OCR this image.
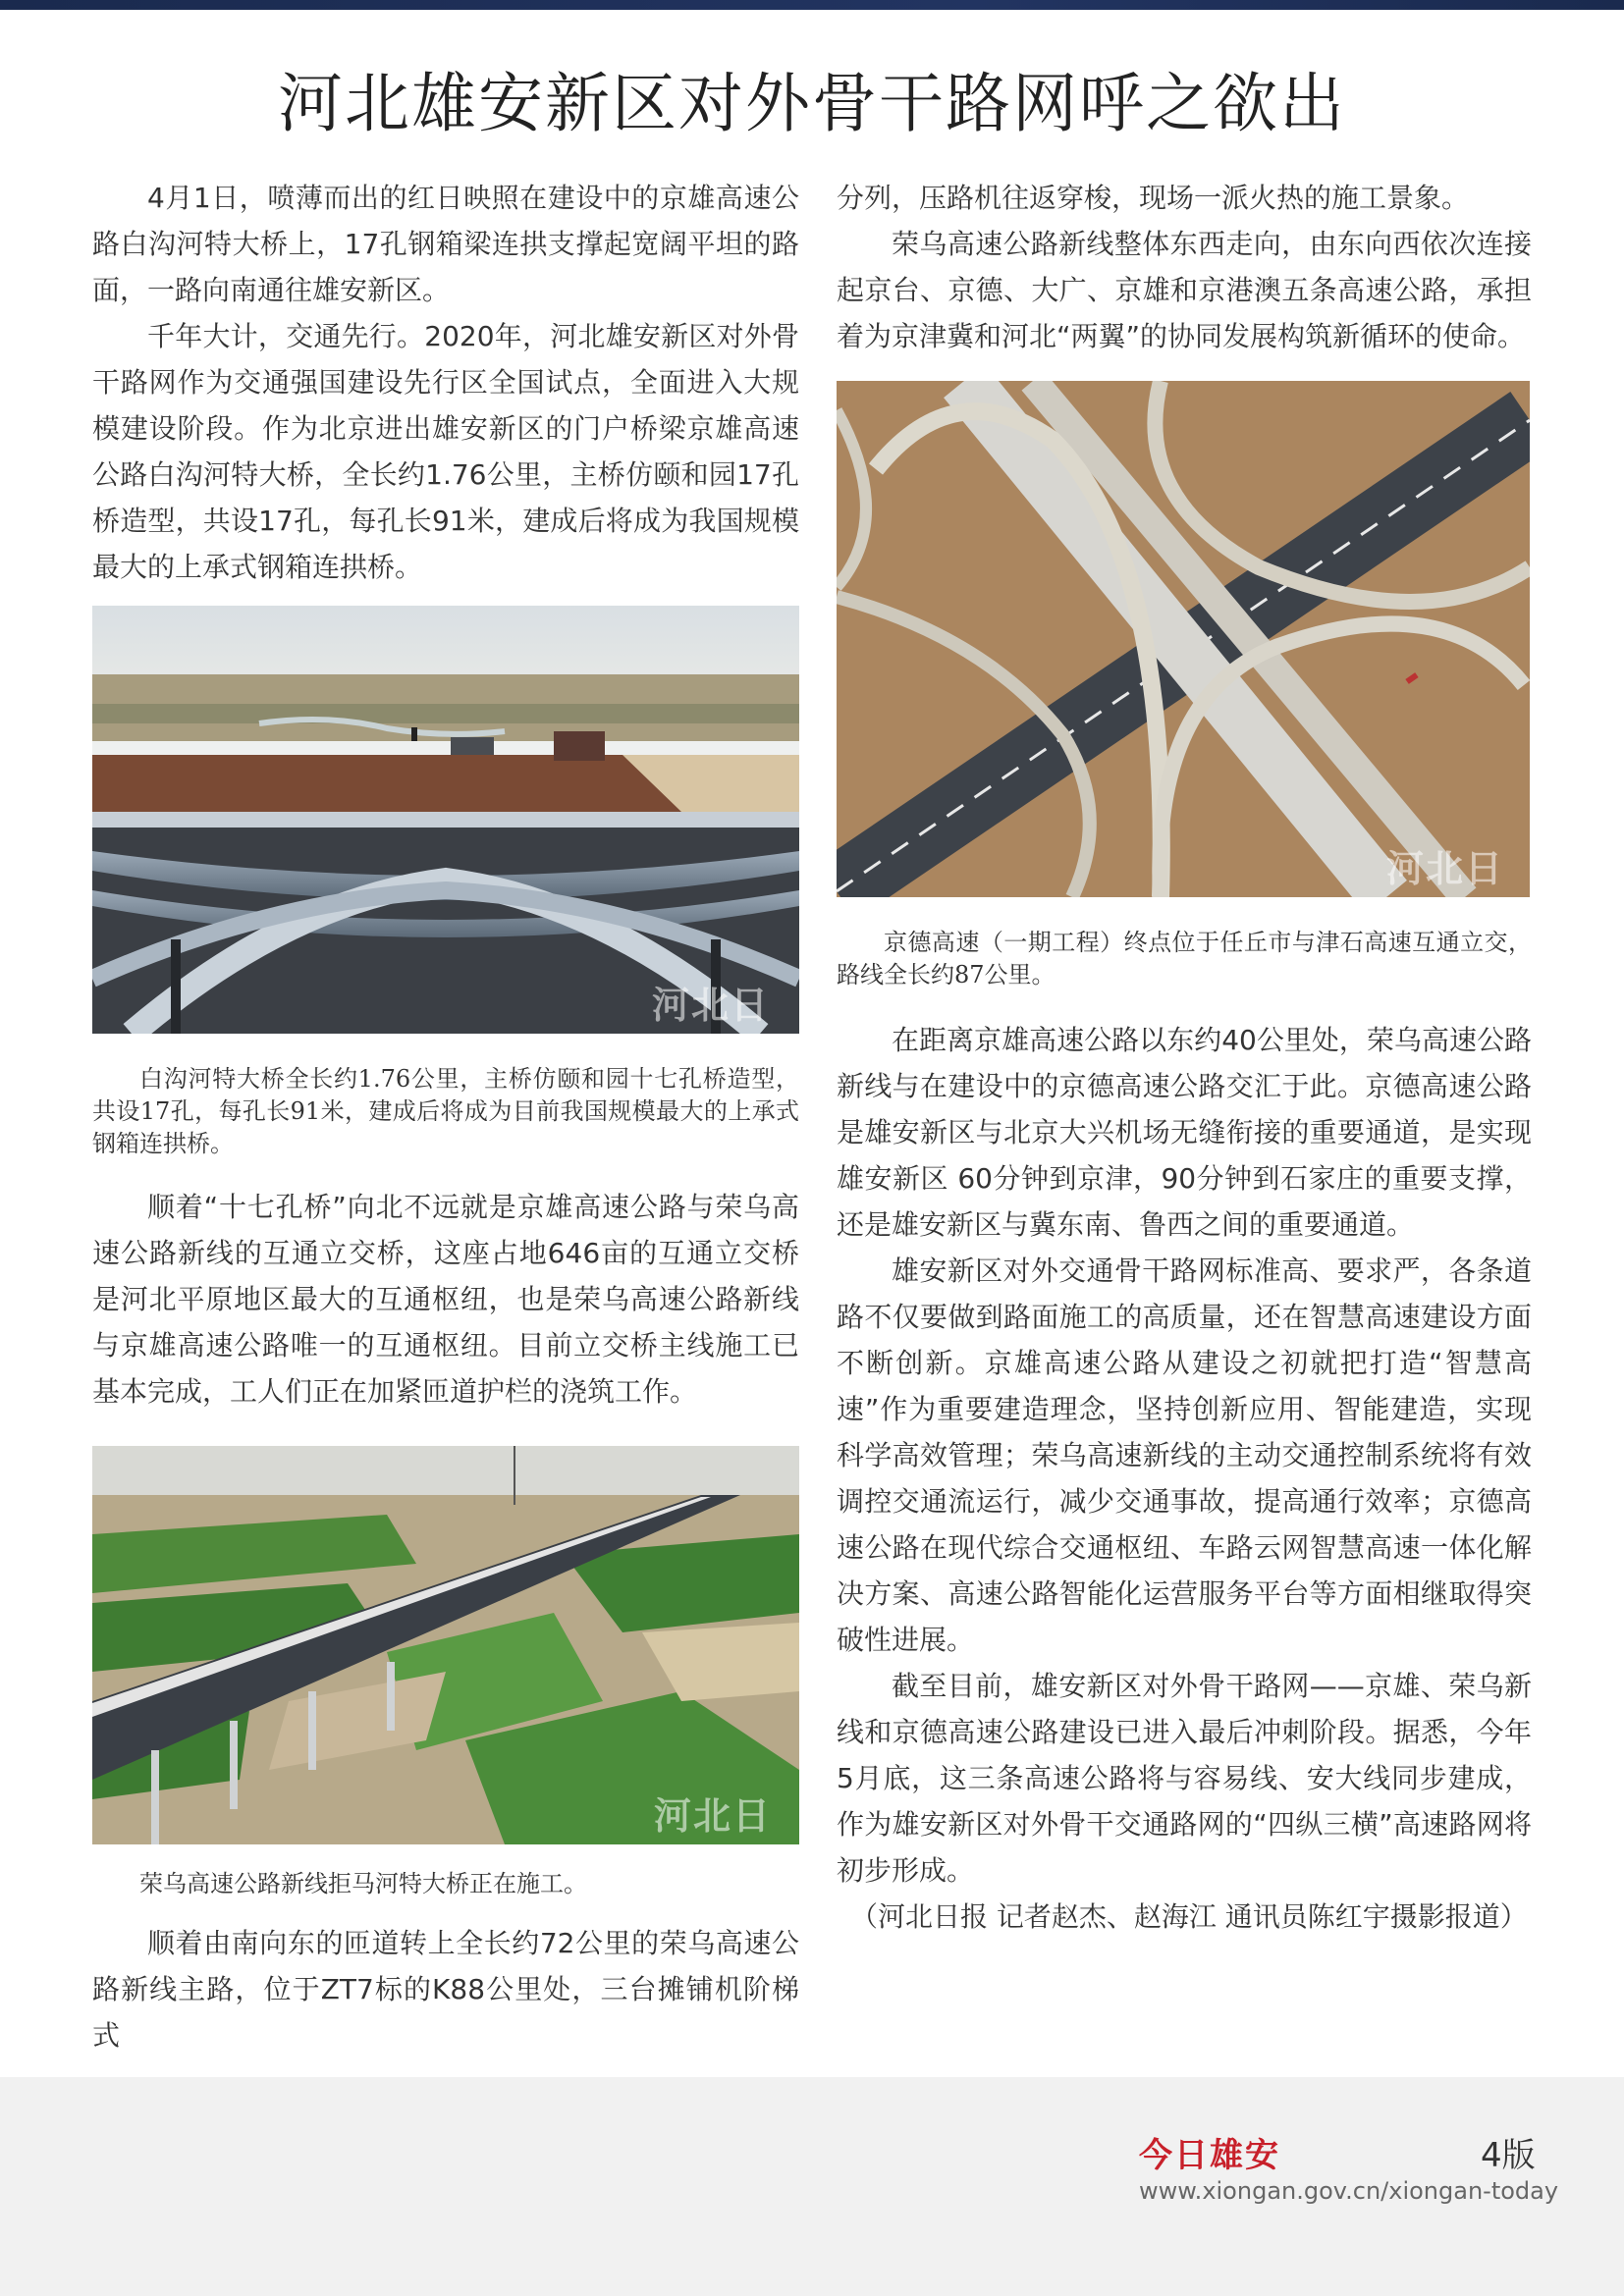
河北雄安新区对外骨干路网呼之欲出

4月1日，喷薄而出的红日映照在建设中的京雄高速公路白沟河特大桥上，17孔钢箱梁连拱支撑起宽阔平坦的路面，一路向南通往雄安新区。

千年大计，交通先行。2020年，河北雄安新区对外骨干路网作为交通强国建设先行区全国试点，全面进入大规模建设阶段。作为北京进出雄安新区的门户桥梁京雄高速公路白沟河特大桥，全长约1.76公里，主桥仿颐和园17孔桥造型，共设17孔，每孔长91米，建成后将成为我国规模最大的上承式钢箱连拱桥。

河北日

白沟河特大桥全长约1.76公里，主桥仿颐和园十七孔桥造型，共设17孔，每孔长91米，建成后将成为目前我国规模最大的上承式钢箱连拱桥。

顺着“十七孔桥”向北不远就是京雄高速公路与荣乌高速公路新线的互通立交桥，这座占地646亩的互通立交桥是河北平原地区最大的互通枢纽，也是荣乌高速公路新线与京雄高速公路唯一的互通枢纽。目前立交桥主线施工已基本完成，工人们正在加紧匝道护栏的浇筑工作。

河北日

荣乌高速公路新线拒马河特大桥正在施工。

顺着由南向东的匝道转上全长约72公里的荣乌高速公路新线主路，位于ZT7标的K88公里处，三台摊铺机阶梯式

分列，压路机往返穿梭，现场一派火热的施工景象。

荣乌高速公路新线整体东西走向，由东向西依次连接起京台、京德、大广、京雄和京港澳五条高速公路，承担着为京津冀和河北“两翼”的协同发展构筑新循环的使命。

河北日

京德高速（一期工程）终点位于任丘市与津石高速互通立交，路线全长约87公里。

在距离京雄高速公路以东约40公里处，荣乌高速公路新线与在建设中的京德高速公路交汇于此。京德高速公路是雄安新区与北京大兴机场无缝衔接的重要通道，是实现雄安新区 60分钟到京津，90分钟到石家庄的重要支撑，还是雄安新区与冀东南、鲁西之间的重要通道。

雄安新区对外交通骨干路网标准高、要求严，各条道路不仅要做到路面施工的高质量，还在智慧高速建设方面不断创新。京雄高速公路从建设之初就把打造“智慧高速”作为重要建造理念，坚持创新应用、智能建造，实现科学高效管理；荣乌高速新线的主动交通控制系统将有效调控交通流运行，减少交通事故，提高通行效率；京德高速公路在现代综合交通枢纽、车路云网智慧高速一体化解决方案、高速公路智能化运营服务平台等方面相继取得突破性进展。

截至目前，雄安新区对外骨干路网——京雄、荣乌新线和京德高速公路建设已进入最后冲刺阶段。据悉，今年5月底，这三条高速公路将与容易线、安大线同步建成，作为雄安新区对外骨干交通路网的“四纵三横”高速路网将初步形成。

（河北日报 记者赵杰、赵海江 通讯员陈红宇摄影报道）

今日雄安	4版
www.xiongan.gov.cn/xiongan-today
